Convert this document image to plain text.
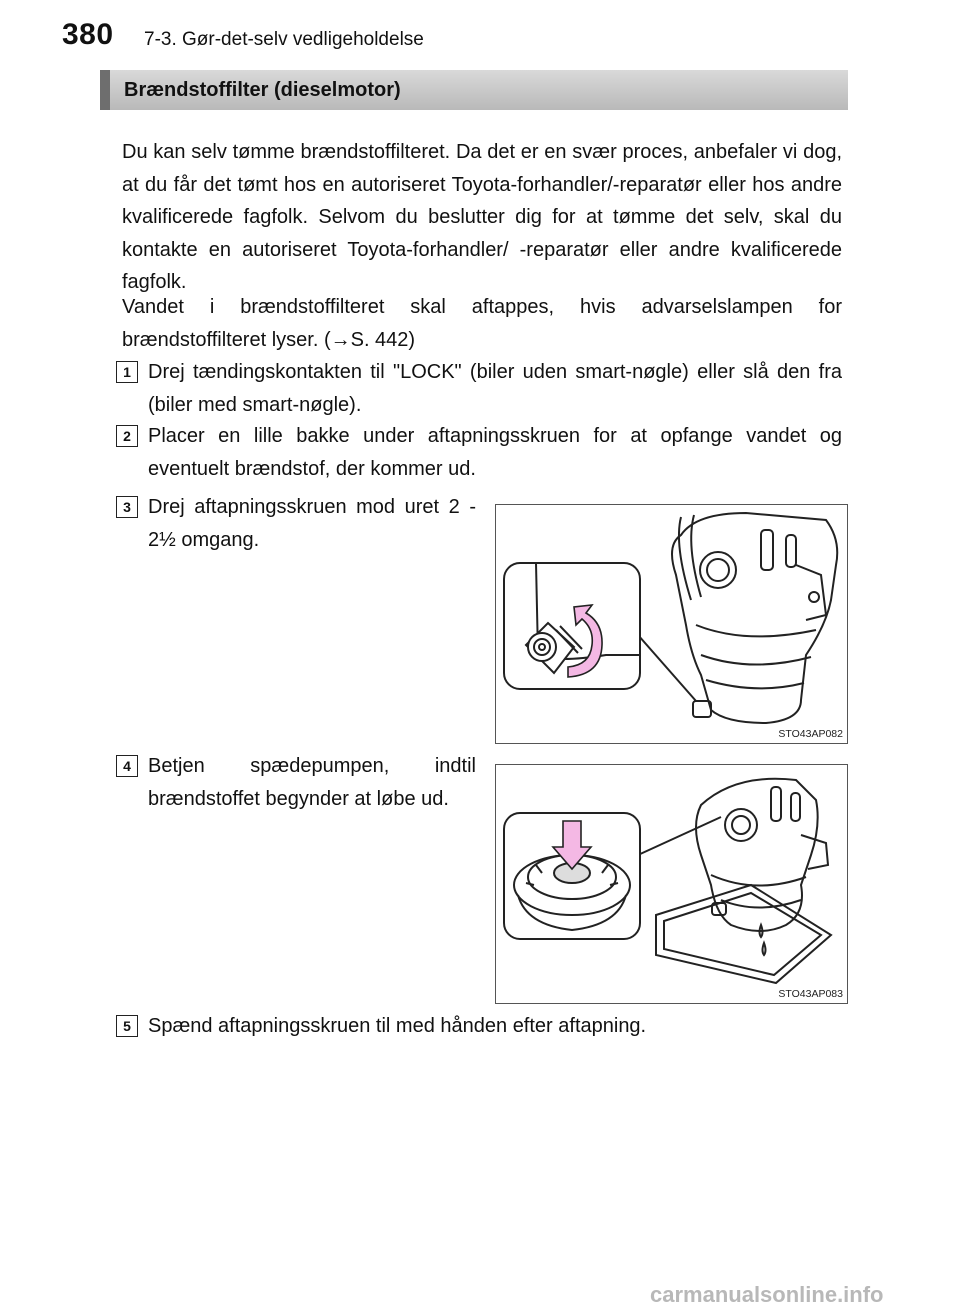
380 7-3. Gør-det-selv vedligeholdelse
Brændstoffilter (dieselmotor)

Du kan selv tømme brændstoffilteret. Da det er en svær proces, anbefaler vi dog, at du får det tømt hos en autoriseret Toyota-forhandler/-reparatør eller hos andre kvalificerede fagfolk. Selvom du beslutter dig for at tømme det selv, skal du kontakte en autoriseret Toyota-forhandler/ -reparatør eller andre kvalificerede fagfolk.

Vandet i brændstoffilteret skal aftappes, hvis advarselslampen for brændstoffilteret lyser. (→S. 442)

1 Drej tændingskontakten til "LOCK" (biler uden smart-nøgle) eller slå den fra (biler med smart-nøgle).

2 Placer en lille bakke under aftapningsskruen for at opfange vandet og eventuelt brændstof, der kommer ud.

3 Drej aftapningsskruen mod uret 2 - 2½ omgang.

STO43AP082
4 Betjen spædepumpen, indtil brændstoffet begynder at løbe ud.

STO43AP083
5 Spænd aftapningsskruen til med hånden efter aftapning.

carmanualsonline.info
